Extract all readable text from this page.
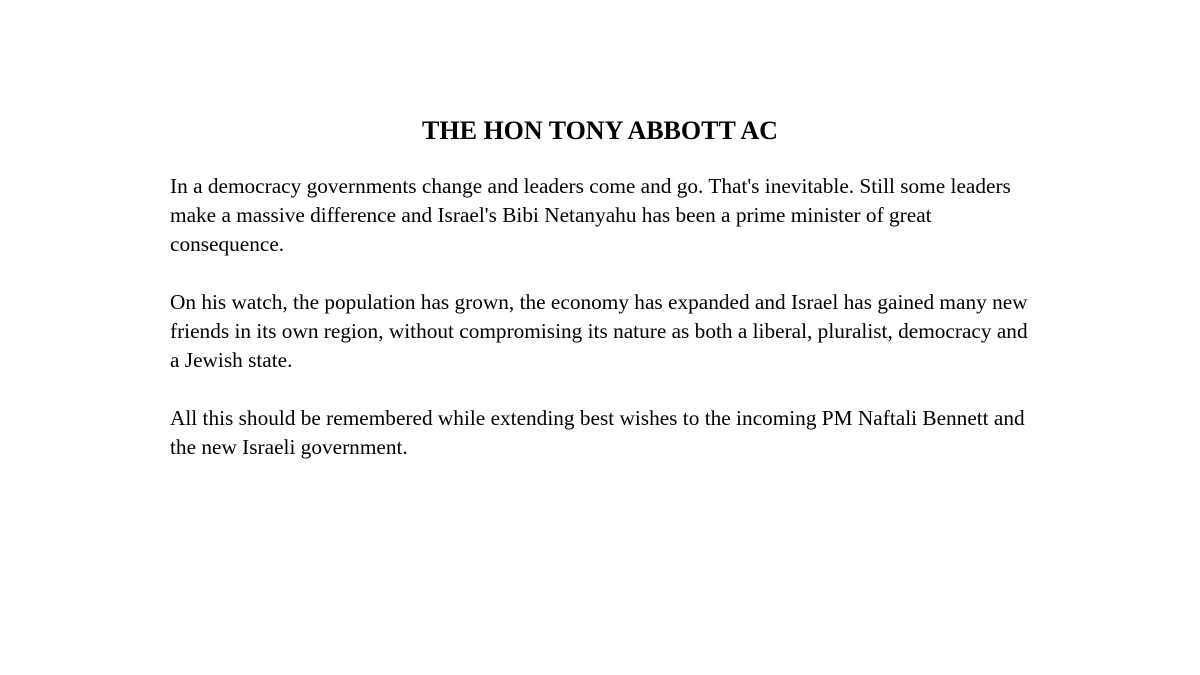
THE HON TONY ABBOTT AC

In a democracy governments change and leaders come and go. That's inevitable. Still some leaders make a massive difference and Israel's Bibi Netanyahu has been a prime minister of great consequence.

On his watch, the population has grown, the economy has expanded and Israel has gained many new friends in its own region, without compromising its nature as both a liberal, pluralist, democracy and a Jewish state.

All this should be remembered while extending best wishes to the incoming PM Naftali Bennett and the new Israeli government.
